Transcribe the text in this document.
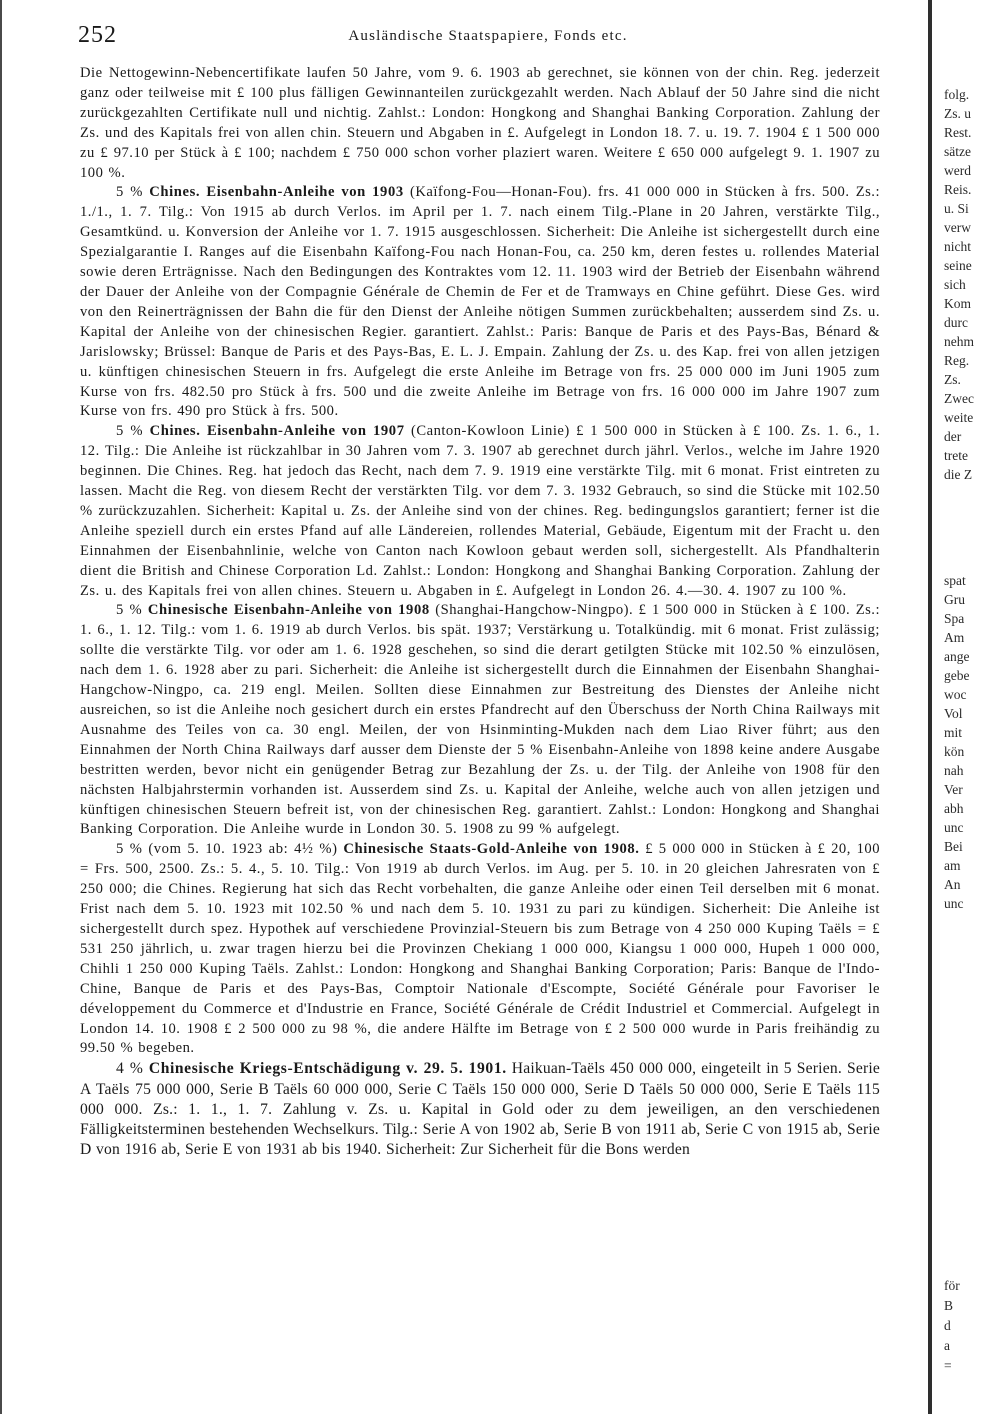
252	Ausländische Staatspapiere, Fonds etc.

Die Nettogewinn-Nebencertifikate laufen 50 Jahre, vom 9. 6. 1903 ab gerechnet, sie können von der chin. Reg. jederzeit ganz oder teilweise mit £ 100 plus fälligen Gewinnanteilen zurückgezahlt werden. Nach Ablauf der 50 Jahre sind die nicht zurückgezahlten Certifikate null und nichtig. Zahlst.: London: Hongkong and Shanghai Banking Corporation. Zahlung der Zs. und des Kapitals frei von allen chin. Steuern und Abgaben in £. Aufgelegt in London 18. 7. u. 19. 7. 1904 £ 1 500 000 zu £ 97.10 per Stück à £ 100; nachdem £ 750 000 schon vorher plaziert waren. Weitere £ 650 000 aufgelegt 9. 1. 1907 zu 100 %.

5 % Chines. Eisenbahn-Anleihe von 1903 (Kaïfong-Fou—Honan-Fou). frs. 41 000 000 in Stücken à frs. 500. Zs.: 1./1., 1. 7. Tilg.: Von 1915 ab durch Verlos. im April per 1. 7. nach einem Tilg.-Plane in 20 Jahren, verstärkte Tilg., Gesamtkünd. u. Konversion der Anleihe vor 1. 7. 1915 ausgeschlossen. Sicherheit: Die Anleihe ist sichergestellt durch eine Spezialgarantie I. Ranges auf die Eisenbahn Kaïfong-Fou nach Honan-Fou, ca. 250 km, deren festes u. rollendes Material sowie deren Erträgnisse. Nach den Bedingungen des Kontraktes vom 12. 11. 1903 wird der Betrieb der Eisenbahn während der Dauer der Anleihe von der Compagnie Générale de Chemin de Fer et de Tramways en Chine geführt. Diese Ges. wird von den Reinerträgnissen der Bahn die für den Dienst der Anleihe nötigen Summen zurückbehalten; ausserdem sind Zs. u. Kapital der Anleihe von der chinesischen Regier. garantiert. Zahlst.: Paris: Banque de Paris et des Pays-Bas, Bénard & Jarislowsky; Brüssel: Banque de Paris et des Pays-Bas, E. L. J. Empain. Zahlung der Zs. u. des Kap. frei von allen jetzigen u. künftigen chinesischen Steuern in frs. Aufgelegt die erste Anleihe im Betrage von frs. 25 000 000 im Juni 1905 zum Kurse von frs. 482.50 pro Stück à frs. 500 und die zweite Anleihe im Betrage von frs. 16 000 000 im Jahre 1907 zum Kurse von frs. 490 pro Stück à frs. 500.

5 % Chines. Eisenbahn-Anleihe von 1907 (Canton-Kowloon Linie) £ 1 500 000 in Stücken à £ 100. Zs. 1. 6., 1. 12. Tilg.: Die Anleihe ist rückzahlbar in 30 Jahren vom 7. 3. 1907 ab gerechnet durch jährl. Verlos., welche im Jahre 1920 beginnen. Die Chines. Reg. hat jedoch das Recht, nach dem 7. 9. 1919 eine verstärkte Tilg. mit 6 monat. Frist eintreten zu lassen. Macht die Reg. von diesem Recht der verstärkten Tilg. vor dem 7. 3. 1932 Gebrauch, so sind die Stücke mit 102.50 % zurückzuzahlen. Sicherheit: Kapital u. Zs. der Anleihe sind von der chines. Reg. bedingungslos garantiert; ferner ist die Anleihe speziell durch ein erstes Pfand auf alle Ländereien, rollendes Material, Gebäude, Eigentum mit der Fracht u. den Einnahmen der Eisenbahnlinie, welche von Canton nach Kowloon gebaut werden soll, sichergestellt. Als Pfandhalterin dient die British and Chinese Corporation Ld. Zahlst.: London: Hongkong and Shanghai Banking Corporation. Zahlung der Zs. u. des Kapitals frei von allen chines. Steuern u. Abgaben in £. Aufgelegt in London 26. 4.—30. 4. 1907 zu 100 %.

5 % Chinesische Eisenbahn-Anleihe von 1908 (Shanghai-Hangchow-Ningpo). £ 1 500 000 in Stücken à £ 100. Zs.: 1. 6., 1. 12. Tilg.: vom 1. 6. 1919 ab durch Verlos. bis spät. 1937; Verstärkung u. Totalkündig. mit 6 monat. Frist zulässig; sollte die verstärkte Tilg. vor oder am 1. 6. 1928 geschehen, so sind die derart getilgten Stücke mit 102.50 % einzulösen, nach dem 1. 6. 1928 aber zu pari. Sicherheit: die Anleihe ist sichergestellt durch die Einnahmen der Eisenbahn Shanghai-Hangchow-Ningpo, ca. 219 engl. Meilen. Sollten diese Einnahmen zur Bestreitung des Dienstes der Anleihe nicht ausreichen, so ist die Anleihe noch gesichert durch ein erstes Pfandrecht auf den Überschuss der North China Railways mit Ausnahme des Teiles von ca. 30 engl. Meilen, der von Hsinminting-Mukden nach dem Liao River führt; aus den Einnahmen der North China Railways darf ausser dem Dienste der 5 % Eisenbahn-Anleihe von 1898 keine andere Ausgabe bestritten werden, bevor nicht ein genügender Betrag zur Bezahlung der Zs. u. der Tilg. der Anleihe von 1908 für den nächsten Halbjahrstermin vorhanden ist. Ausserdem sind Zs. u. Kapital der Anleihe, welche auch von allen jetzigen und künftigen chinesischen Steuern befreit ist, von der chinesischen Reg. garantiert. Zahlst.: London: Hongkong and Shanghai Banking Corporation. Die Anleihe wurde in London 30. 5. 1908 zu 99 % aufgelegt.

5 % (vom 5. 10. 1923 ab: 4½ %) Chinesische Staats-Gold-Anleihe von 1908. £ 5 000 000 in Stücken à £ 20, 100 = Frs. 500, 2500. Zs.: 5. 4., 5. 10. Tilg.: Von 1919 ab durch Verlos. im Aug. per 5. 10. in 20 gleichen Jahresraten von £ 250 000; die Chines. Regierung hat sich das Recht vorbehalten, die ganze Anleihe oder einen Teil derselben mit 6 monat. Frist nach dem 5. 10. 1923 mit 102.50 % und nach dem 5. 10. 1931 zu pari zu kündigen. Sicherheit: Die Anleihe ist sichergestellt durch spez. Hypothek auf verschiedene Provinzial-Steuern bis zum Betrage von 4 250 000 Kuping Taëls = £ 531 250 jährlich, u. zwar tragen hierzu bei die Provinzen Chekiang 1 000 000, Kiangsu 1 000 000, Hupeh 1 000 000, Chihli 1 250 000 Kuping Taëls. Zahlst.: London: Hongkong and Shanghai Banking Corporation; Paris: Banque de l'Indo-Chine, Banque de Paris et des Pays-Bas, Comptoir Nationale d'Escompte, Société Générale pour Favoriser le développement du Commerce et d'Industrie en France, Société Générale de Crédit Industriel et Commercial. Aufgelegt in London 14. 10. 1908 £ 2 500 000 zu 98 %, die andere Hälfte im Betrage von £ 2 500 000 wurde in Paris freihändig zu 99.50 % begeben.

4 % Chinesische Kriegs-Entschädigung v. 29. 5. 1901. Haikuan-Taëls 450 000 000, eingeteilt in 5 Serien. Serie A Taëls 75 000 000, Serie B Taëls 60 000 000, Serie C Taëls 150 000 000, Serie D Taëls 50 000 000, Serie E Taëls 115 000 000. Zs.: 1. 1., 1. 7. Zahlung v. Zs. u. Kapital in Gold oder zu dem jeweiligen, an den verschiedenen Fälligkeitsterminen bestehenden Wechselkurs. Tilg.: Serie A von 1902 ab, Serie B von 1911 ab, Serie C von 1915 ab, Serie D von 1916 ab, Serie E von 1931 ab bis 1940. Sicherheit: Zur Sicherheit für die Bons werden

folg.
Zs. u
Rest.
sätze
werd
Reis.
u. Si
verw
nicht
seine
sich
Kom
durc
nehm
Reg.
Zs.
Zwec
weite
der
trete
die Z
spat
Gru
Spa
Am
ange
gebe
woc
Vol
mit
kön
nah
Ver
abh
unc
Bei
am
An
unc
för
B
d
a
=
